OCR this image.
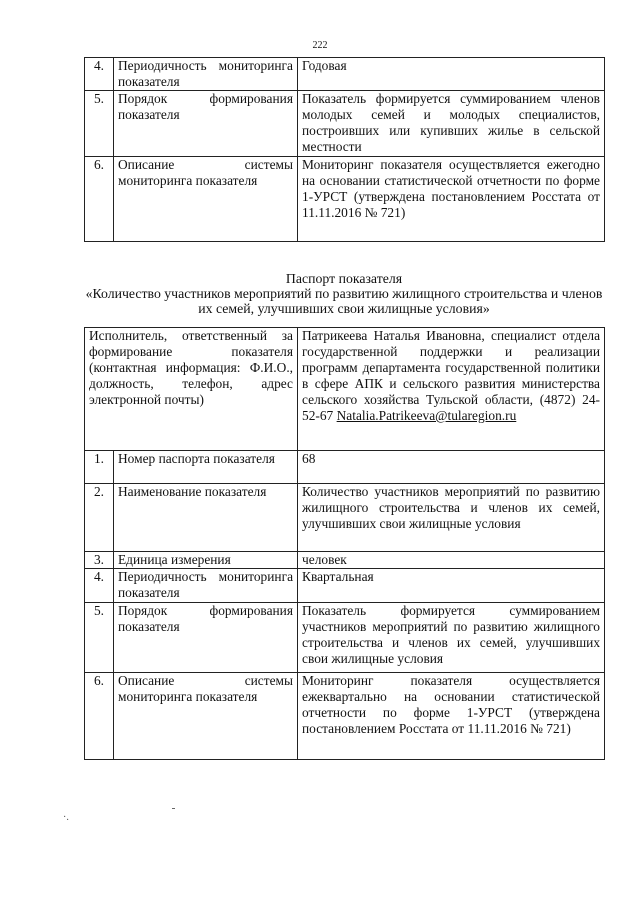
222
4.	Периодичность мониторинга показателя	Годовая
5.	Порядок формирования показателя	Показатель формируется суммированием членов молодых семей и молодых специалистов, построивших или купивших жилье в сельской местности
6.	Описание системы мониторинга показателя	Мониторинг показателя осуществляется ежегодно на основании статистической отчетности по форме 1-УРСТ (утверждена постановлением Росстата от 11.11.2016 № 721)
Паспорт показателя
«Количество участников мероприятий по развитию жилищного строительства и членов их семей, улучшивших свои жилищные условия»
Исполнитель, ответственный за формирование показателя (контактная информация: Ф.И.О., должность, телефон, адрес электронной почты)		Патрикеева Наталья Ивановна, специалист отдела государственной поддержки и реализации программ департамента государственной политики в сфере АПК и сельского развития министерства сельского хозяйства Тульской области, (4872) 24-52-67 Natalia.Patrikeeva@tularegion.ru
1.	Номер паспорта показателя	68
2.	Наименование показателя	Количество участников мероприятий по развитию жилищного строительства и членов их семей, улучшивших свои жилищные условия
3.	Единица измерения	человек
4.	Периодичность мониторинга показателя	Квартальная
5.	Порядок формирования показателя	Показатель формируется суммированием участников мероприятий по развитию жилищного строительства и членов их семей, улучшивших свои жилищные условия
6.	Описание системы мониторинга показателя	Мониторинг показателя осуществляется ежеквартально на основании статистической отчетности по форме 1-УРСТ (утверждена постановлением Росстата от 11.11.2016 № 721)
·.
